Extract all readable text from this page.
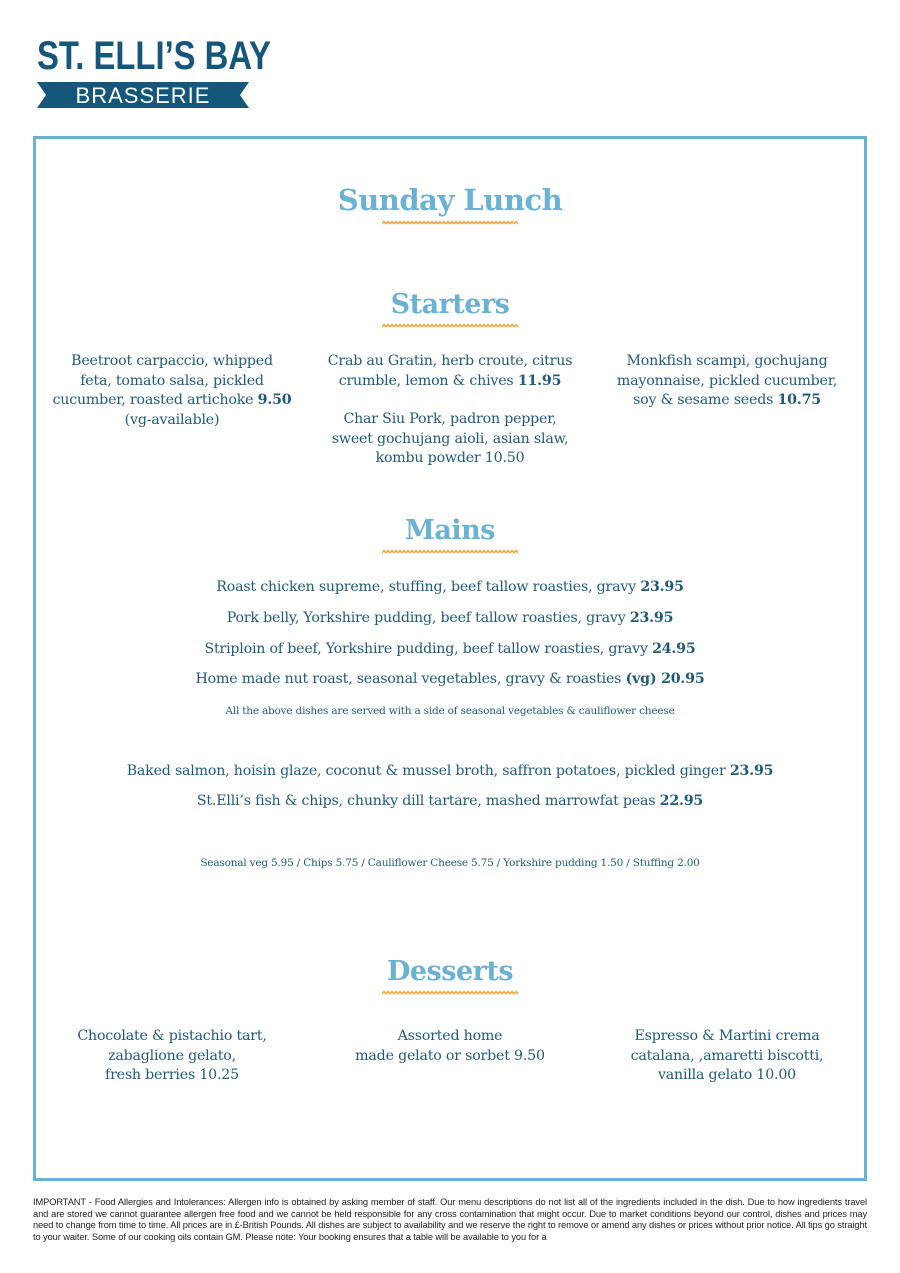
ST. ELLI’S BAY
BRASSERIE
Sunday Lunch
Starters
Beetroot carpaccio, whipped
feta, tomato salsa, pickled
cucumber, roasted artichoke 9.50
(vg-available)
Crab au Gratin, herb croute, citrus
crumble, lemon & chives 11.95
Char Siu Pork, padron pepper,
sweet gochujang aioli, asian slaw,
kombu powder 10.50
Monkfish scampi, gochujang
mayonnaise, pickled cucumber,
soy & sesame seeds 10.75
Mains
Roast chicken supreme, stuffing, beef tallow roasties, gravy 23.95
Pork belly, Yorkshire pudding, beef tallow roasties, gravy 23.95
Striploin of beef, Yorkshire pudding, beef tallow roasties, gravy 24.95
Home made nut roast, seasonal vegetables, gravy & roasties (vg) 20.95
All the above dishes are served with a side of seasonal vegetables & cauliflower cheese
Baked salmon, hoisin glaze, coconut & mussel broth, saffron potatoes, pickled ginger 23.95
St.Elli’s fish & chips, chunky dill tartare, mashed marrowfat peas 22.95
Seasonal veg 5.95 / Chips 5.75 / Cauliflower Cheese 5.75 / Yorkshire pudding 1.50 / Stuffing 2.00
Desserts
Chocolate & pistachio tart,
zabaglione gelato,
fresh berries 10.25
Assorted home
made gelato or sorbet 9.50
Espresso & Martini crema
catalana, ,amaretti biscotti,
vanilla gelato 10.00
IMPORTANT - Food Allergies and Intolerances: Allergen info is obtained by asking member of staff. Our menu descriptions do not list all of the ingredients included in the dish. Due to how ingredients travel and are stored we cannot guarantee allergen free food and we cannot be held responsible for any cross contamination that might occur. Due to market conditions beyond our control, dishes and prices may need to change from time to time. All prices are in £-British Pounds. All dishes are subject to availability and we reserve the right to remove or amend any dishes or prices without prior notice. All tips go straight to your waiter. Some of our cooking oils contain GM. Please note: Your booking ensures that a table will be available to you for a
